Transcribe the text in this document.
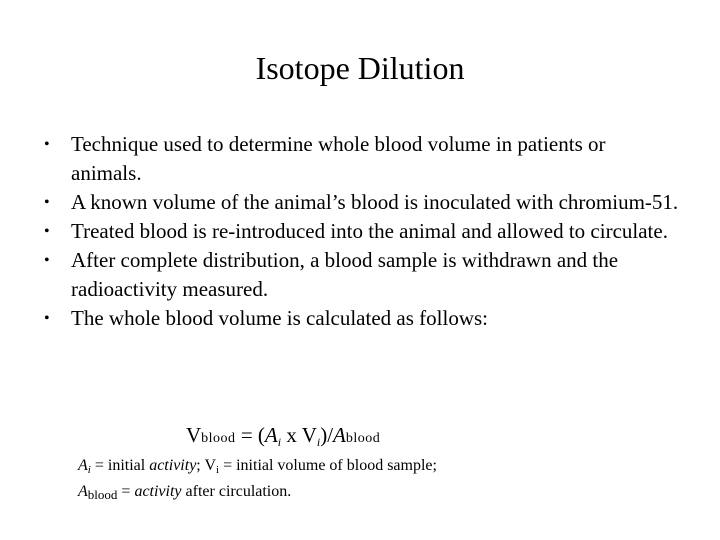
Isotope Dilution
• Technique used to determine whole blood volume in patients or animals.
• A known volume of the animal’s blood is inoculated with chromium-51.
• Treated blood is re-introduced into the animal and allowed to circulate.
• After complete distribution, a blood sample is withdrawn and the radioactivity measured.
• The whole blood volume is calculated as follows:
Vblood = (Ai x Vi)/Ablood
Ai = initial activity; Vi = initial volume of blood sample;
Ablood = activity after circulation.
